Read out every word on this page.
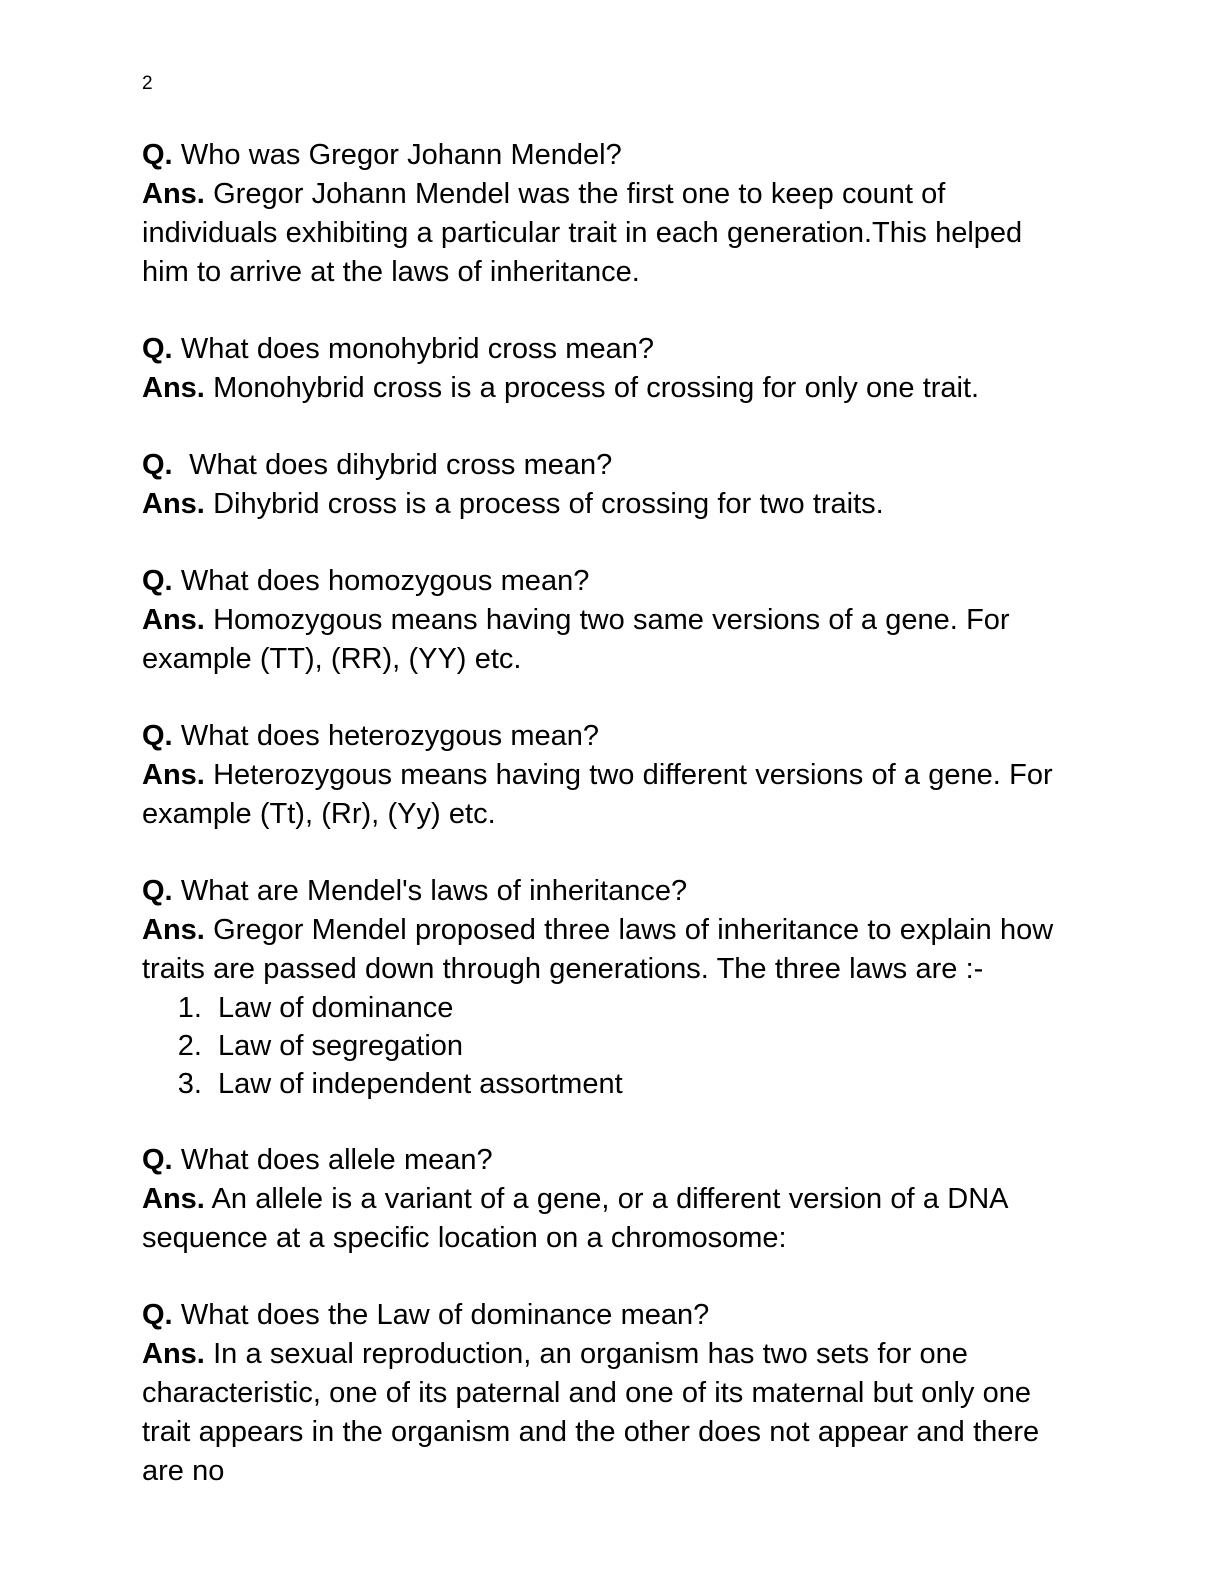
2

Q. Who was Gregor Johann Mendel?

Ans. Gregor Johann Mendel was the first one to keep count of individuals exhibiting a particular trait in each generation.This helped him to arrive at the laws of inheritance.

Q. What does monohybrid cross mean?

Ans. Monohybrid cross is a process of crossing for only one trait.

Q.  What does dihybrid cross mean?

Ans. Dihybrid cross is a process of crossing for two traits.

Q. What does homozygous mean?

Ans. Homozygous means having two same versions of a gene. For example (TT), (RR), (YY) etc.

Q. What does heterozygous mean?

Ans. Heterozygous means having two different versions of a gene. For example (Tt), (Rr), (Yy) etc.

Q. What are Mendel's laws of inheritance?

Ans. Gregor Mendel proposed three laws of inheritance to explain how traits are passed down through generations. The three laws are :-

1. Law of dominance
2. Law of segregation
3. Law of independent assortment

Q. What does allele mean?

Ans. An allele is a variant of a gene, or a different version of a DNA sequence at a specific location on a chromosome:

Q. What does the Law of dominance mean?

Ans. In a sexual reproduction, an organism has two sets for one characteristic, one of its paternal and one of its maternal but only one trait appears in the organism and the other does not appear and there are no
